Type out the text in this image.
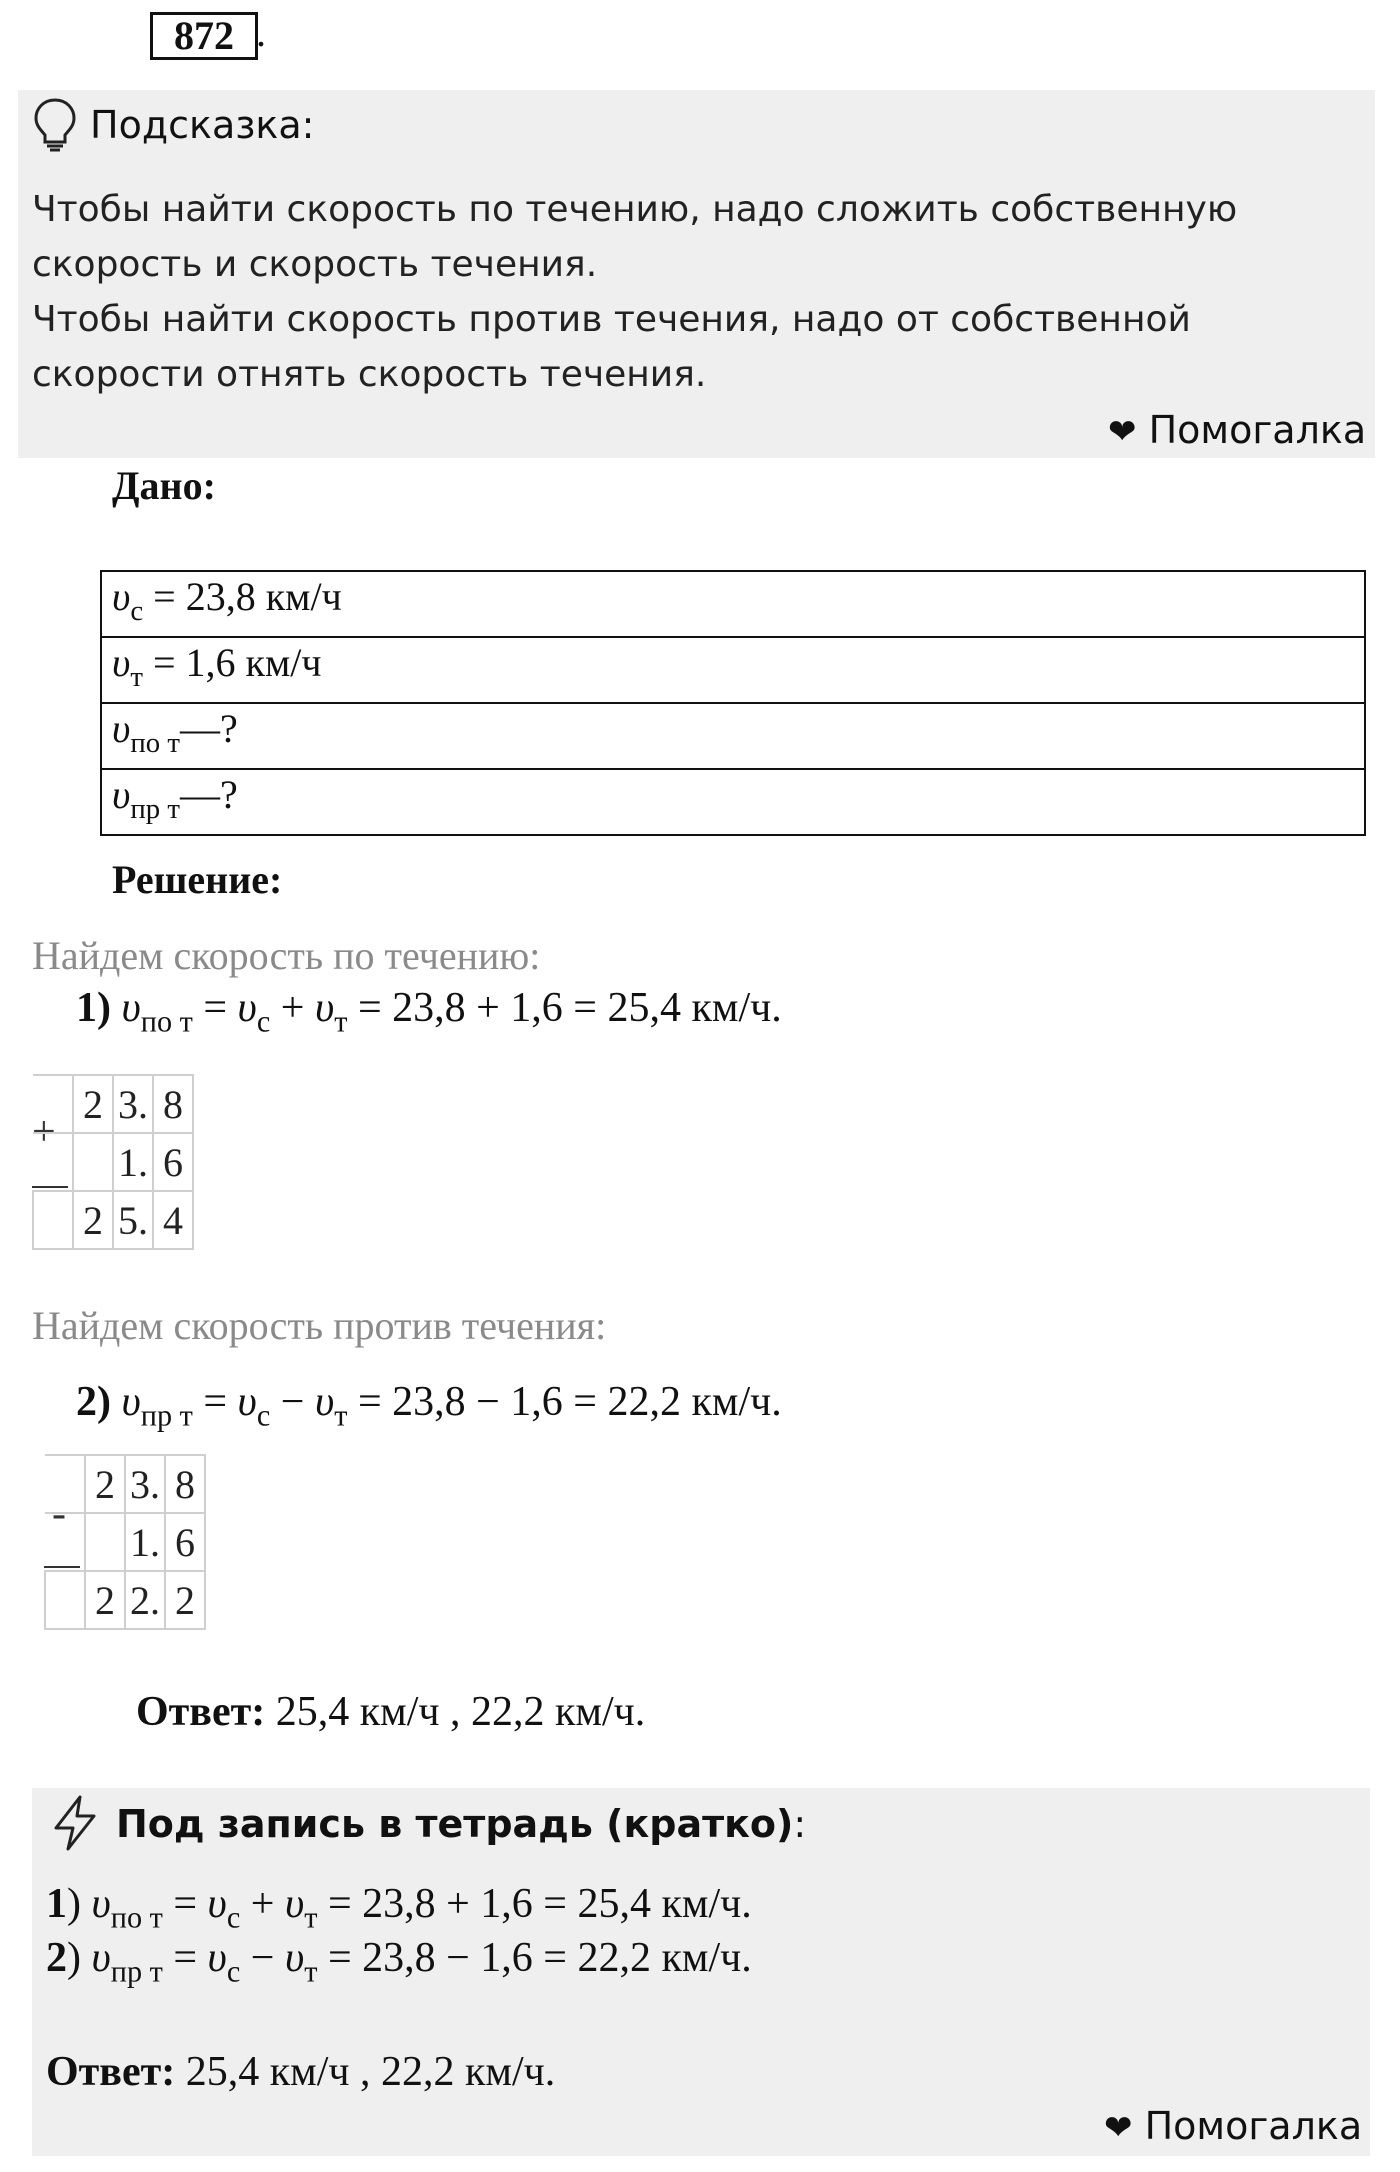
872 .
Подсказка:
Чтобы найти скорость по течению, надо сложить собственную
скорость и скорость течения.
Чтобы найти скорость против течения, надо от собственной
скорости отнять скорость течения.
❤ Помогалка
Дано:
$\upsilon_с = 23,8$ км/ч
$\upsilon_т = 1,6$ км/ч
$\upsilon_{по т}—$?
$\upsilon_{пр т}—$?
Решение:
Найдем скорость по течению:
1) $\upsilon_{по т} = \upsilon_с + \upsilon_т = 23,8 + 1,6 = 25,4$ км/ч.
+
	2	3.	8
		1.	6
	2	5.	4
Найдем скорость против течения:
2) $\upsilon_{пр т} = \upsilon_с - \upsilon_т = 23,8 - 1,6 = 22,2$ км/ч.
-
	2	3.	8
		1.	6
	2	2.	2
Ответ: 25,4 км/ч , 22,2 км/ч.
Под запись в тетрадь (кратко):
1) $\upsilon_{по т} = \upsilon_с + \upsilon_т = 23,8 + 1,6 = 25,4$ км/ч.
2) $\upsilon_{пр т} = \upsilon_с - \upsilon_т = 23,8 - 1,6 = 22,2$ км/ч.
Ответ: 25,4 км/ч , 22,2 км/ч.
❤ Помогалка
